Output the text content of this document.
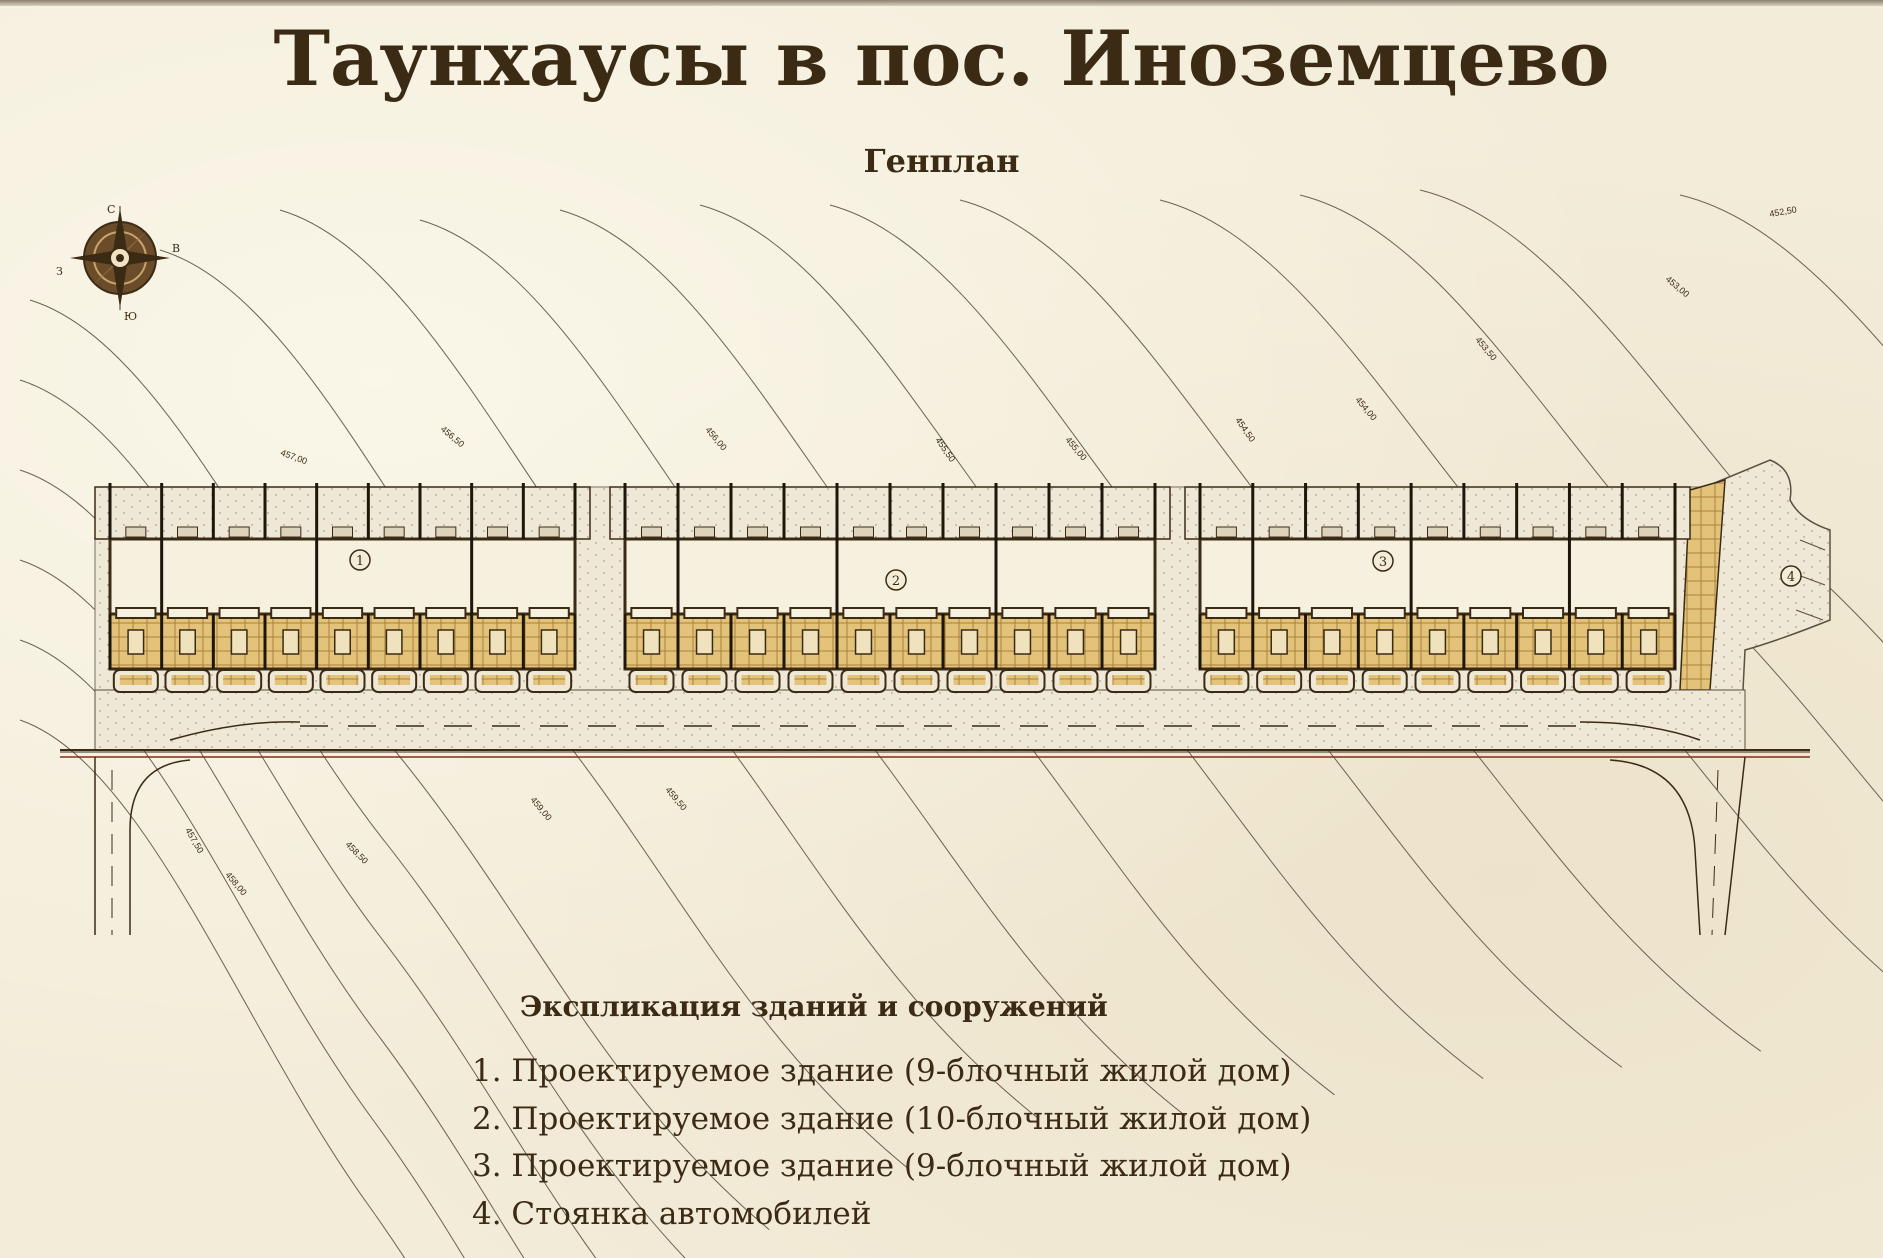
Таунхаусы в пос. Иноземцево
Генплан
С
В
Ю
З
1
2
3
4
452,50
453,00
453,50
454,00
454,50
455,00
455,50
456,00
456,50
457,00
457,50
458,00
458,50
459,00	459,50
Экспликация зданий и сооружений
1. Проектируемое здание (9-блочный жилой дом)
2. Проектируемое здание (10-блочный жилой дом)
3. Проектируемое здание (9-блочный жилой дом)
4. Стоянка автомобилей
